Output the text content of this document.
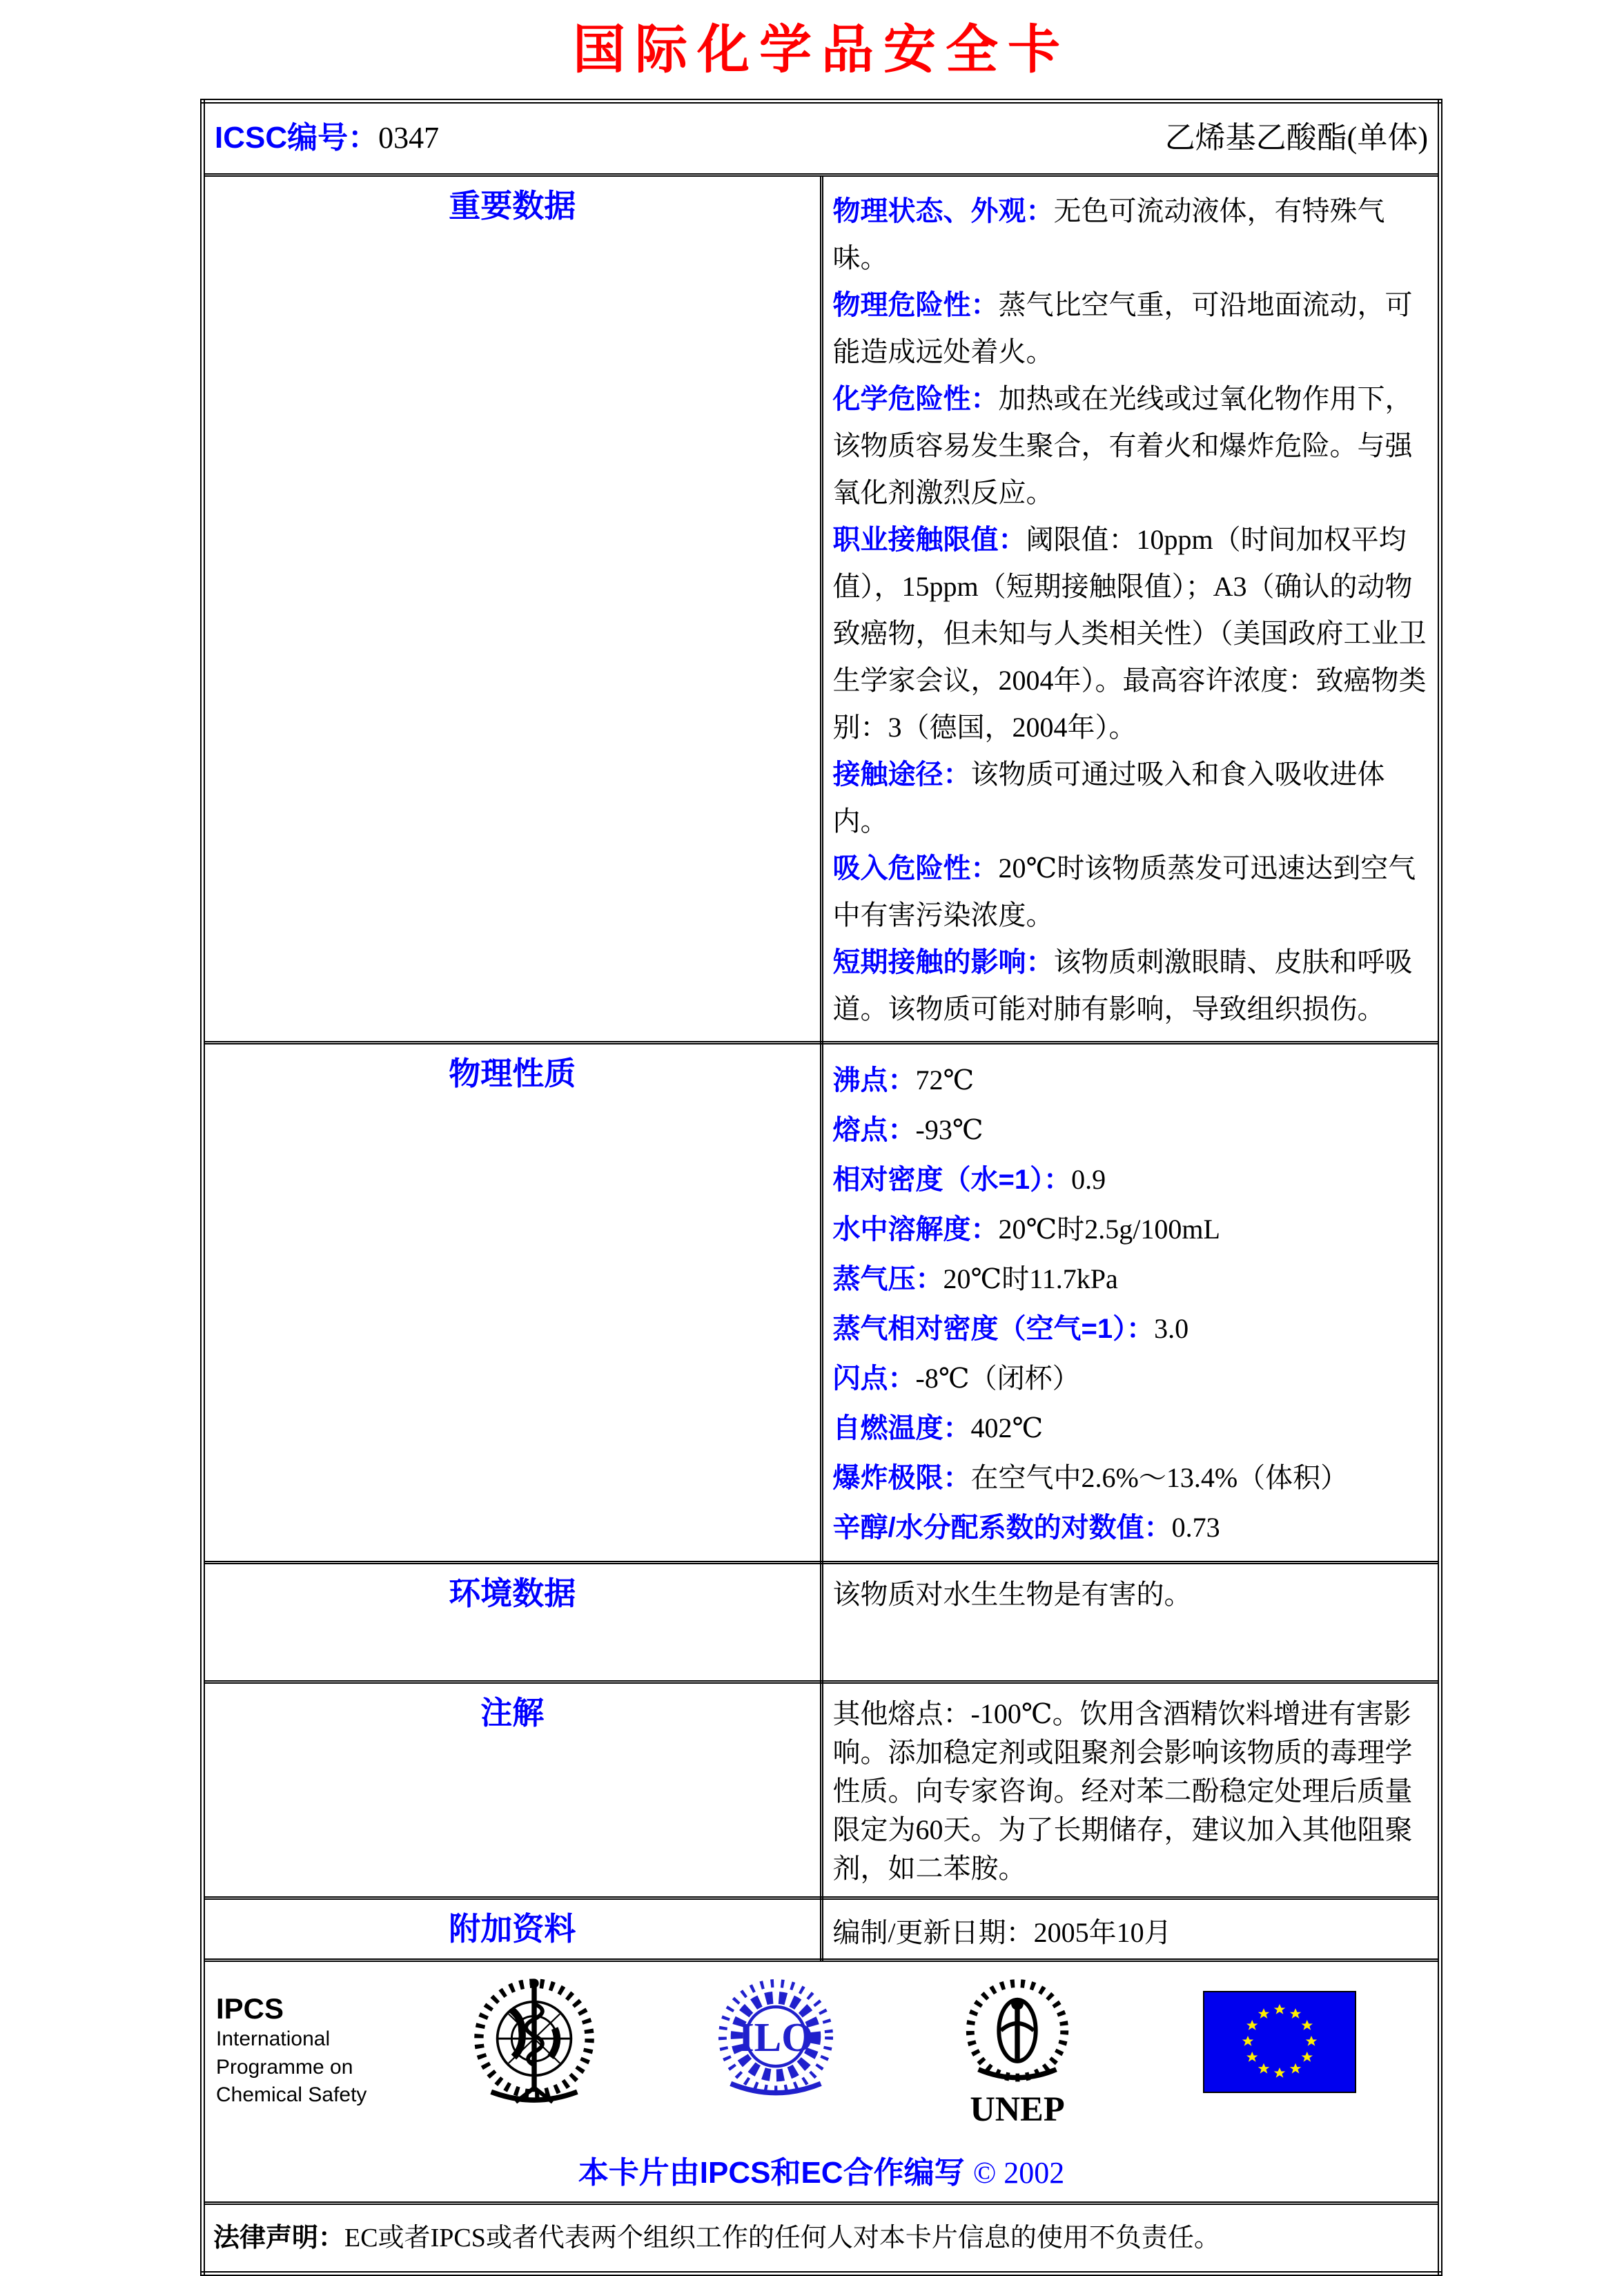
国际化学品安全卡
ICSC编号：0347 乙烯基乙酸酯(单体)	

重要数据	物理状态、外观：无色可流动液体，有特殊气味。

物理危险性：蒸气比空气重，可沿地面流动，可能造成远处着火。

化学危险性：加热或在光线或过氧化物作用下，该物质容易发生聚合，有着火和爆炸危险。与强氧化剂激烈反应。

职业接触限值：阈限值：10ppm（时间加权平均值），15ppm（短期接触限值）；A3（确认的动物致癌物，但未知与人类相关性）（美国政府工业卫生学家会议，2004年）。最高容许浓度：致癌物类别：3（德国，2004年）。

接触途径：该物质可通过吸入和食入吸收进体内。

吸入危险性：20℃时该物质蒸发可迅速达到空气中有害污染浓度。

短期接触的影响：该物质刺激眼睛、皮肤和呼吸道。该物质可能对肺有影响，导致组织损伤。

物理性质	沸点：72℃

熔点：-93℃

相对密度（水=1）：0.9

水中溶解度：20℃时2.5g/100mL

蒸气压：20℃时11.7kPa

蒸气相对密度（空气=1）：3.0

闪点：-8℃（闭杯）

自燃温度：402℃

爆炸极限：在空气中2.6%～13.4%（体积）

辛醇/水分配系数的对数值：0.73

环境数据	该物质对水生生物是有害的。

注解	其他熔点：-100℃。饮用含酒精饮料增进有害影响。添加稳定剂或阻聚剂会影响该物质的毒理学性质。向专家咨询。经对苯二酚稳定处理后质量限定为60天。为了长期储存，建议加入其他阻聚剂，如二苯胺。

附加资料	编制/更新日期：2005年10月

IPCS
International
Programme on
Chemical Safety
ILO
UNEP
本卡片由IPCS和EC合作编写 © 2002

法律声明：EC或者IPCS或者代表两个组织工作的任何人对本卡片信息的使用不负责任。	
